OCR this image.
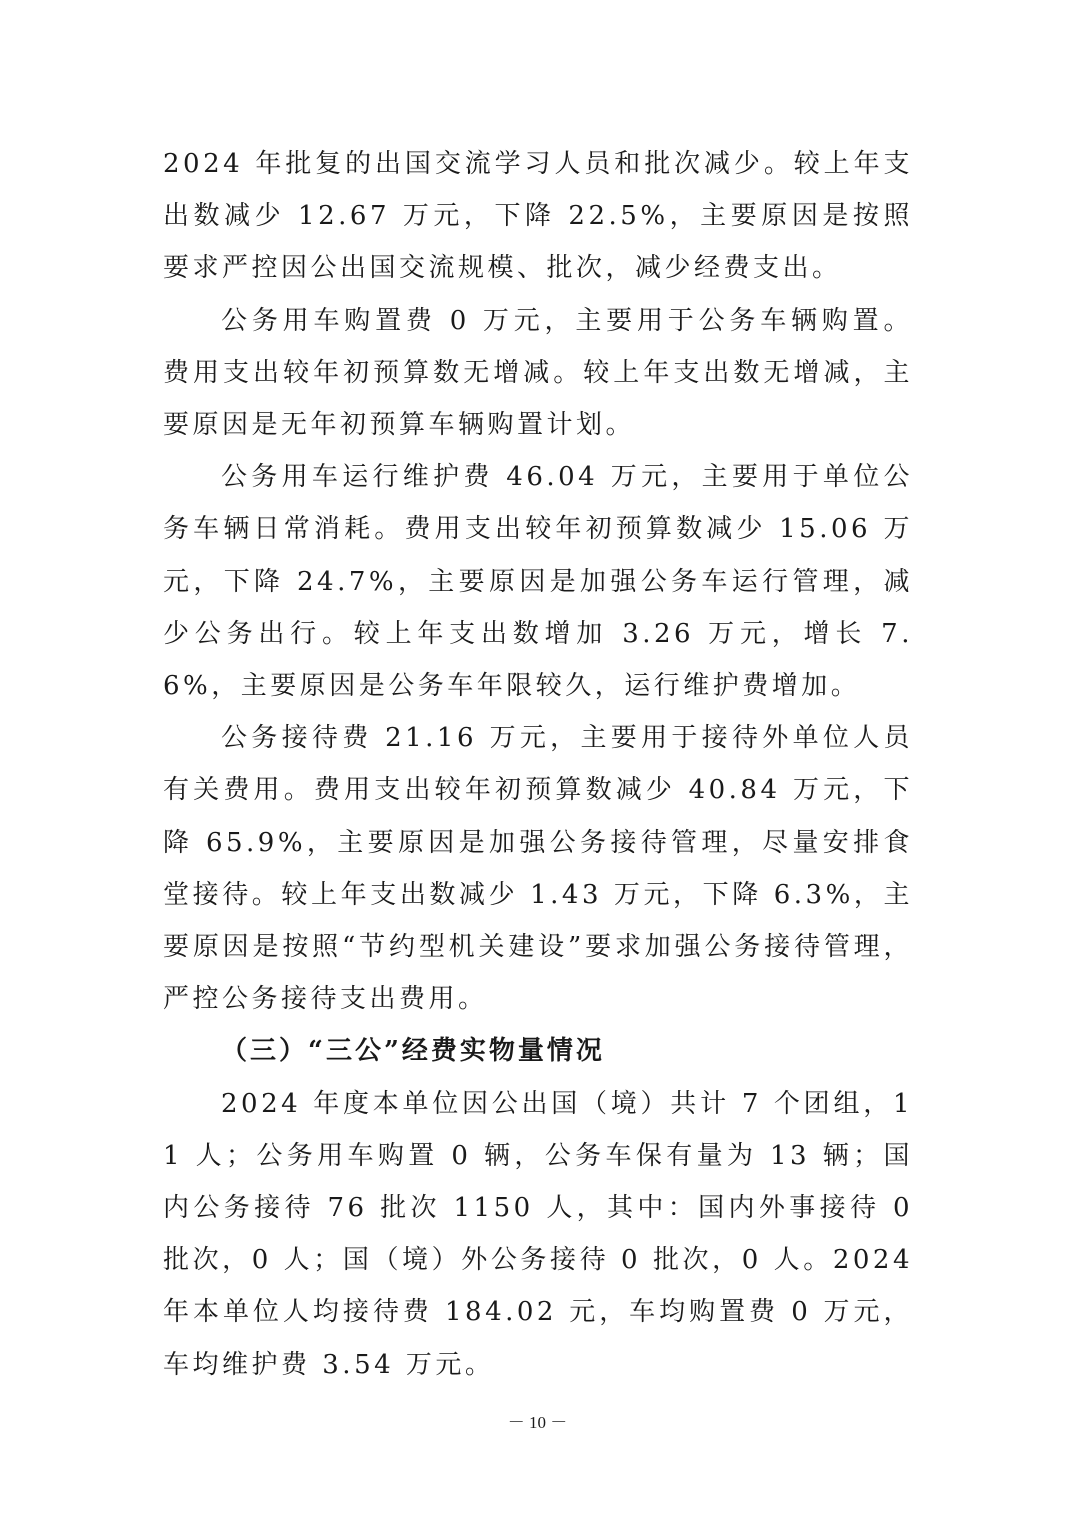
2024 年批复的出国交流学习人员和批次减少。较上年支出数减少 12.67 万元，下降 22.5%，主要原因是按照要求严控因公出国交流规模、批次，减少经费支出。

公务用车购置费 0 万元，主要用于公务车辆购置。费用支出较年初预算数无增减。较上年支出数无增减，主要原因是无年初预算车辆购置计划。

公务用车运行维护费 46.04 万元，主要用于单位公务车辆日常消耗。费用支出较年初预算数减少 15.06 万元，下降 24.7%，主要原因是加强公务车运行管理，减少公务出行。较上年支出数增加 3.26 万元，增长 7.6%，主要原因是公务车年限较久，运行维护费增加。

公务接待费 21.16 万元，主要用于接待外单位人员有关费用。费用支出较年初预算数减少 40.84 万元，下降 65.9%，主要原因是加强公务接待管理，尽量安排食堂接待。较上年支出数减少 1.43 万元，下降 6.3%，主要原因是按照“节约型机关建设”要求加强公务接待管理，严控公务接待支出费用。

（三）“三公”经费实物量情况

2024 年度本单位因公出国（境）共计 7 个团组，11 人；公务用车购置 0 辆，公务车保有量为 13 辆；国内公务接待 76 批次 1150 人，其中：国内外事接待 0 批次，0 人；国（境）外公务接待 0 批次，0 人。2024 年本单位人均接待费 184.02 元，车均购置费 0 万元，车均维护费 3.54 万元。

－ 10 －
